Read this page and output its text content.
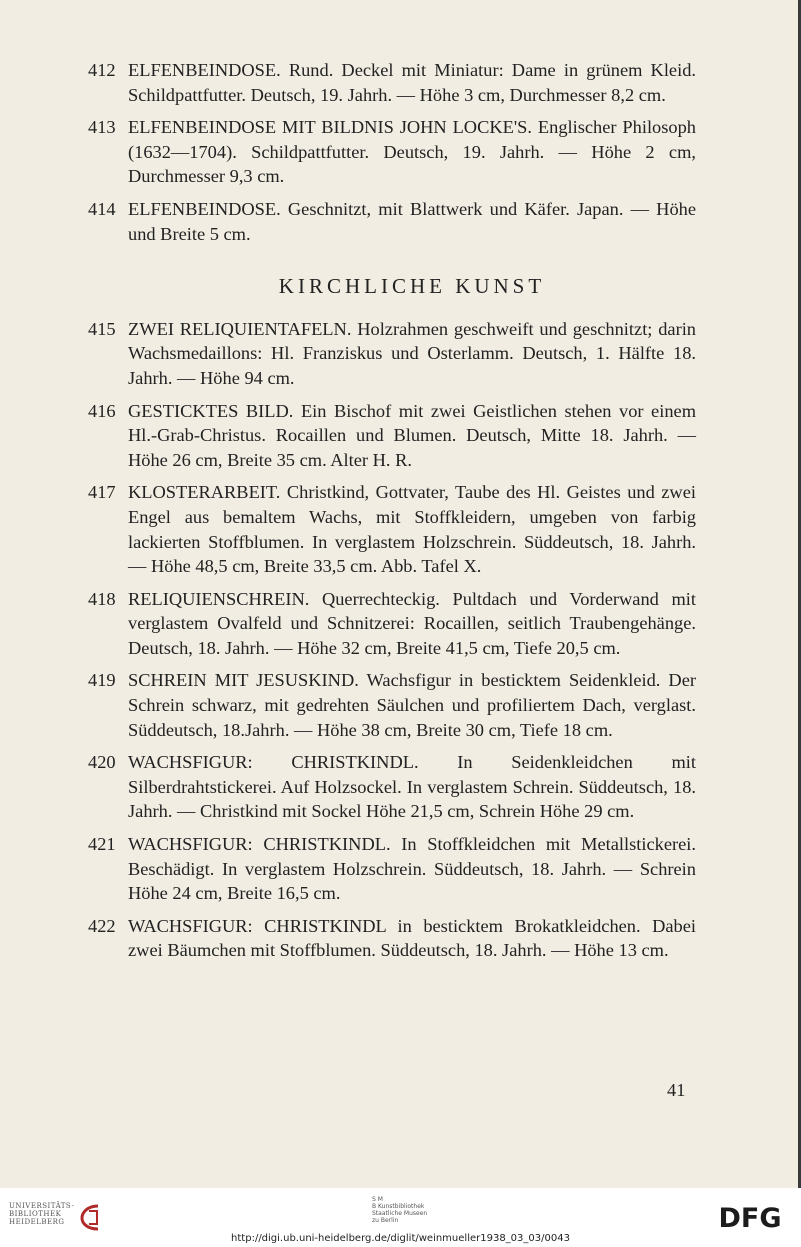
412 ELFENBEINDOSE. Rund. Deckel mit Miniatur: Dame in grünem Kleid. Schildpattfutter. Deutsch, 19. Jahrh. — Höhe 3 cm, Durchmesser 8,2 cm.

413 ELFENBEINDOSE MIT BILDNIS JOHN LOCKE'S. Englischer Philosoph (1632—1704). Schildpattfutter. Deutsch, 19. Jahrh. — Höhe 2 cm, Durchmesser 9,3 cm.

414 ELFENBEINDOSE. Geschnitzt, mit Blattwerk und Käfer. Japan. — Höhe und Breite 5 cm.

KIRCHLICHE KUNST
415 ZWEI RELIQUIENTAFELN. Holzrahmen geschweift und geschnitzt; darin Wachsmedaillons: Hl. Franziskus und Osterlamm. Deutsch, 1. Hälfte 18. Jahrh. — Höhe 94 cm.

416 GESTICKTES BILD. Ein Bischof mit zwei Geistlichen stehen vor einem Hl.-Grab-Christus. Rocaillen und Blumen. Deutsch, Mitte 18. Jahrh. — Höhe 26 cm, Breite 35 cm. Alter H. R.

417 KLOSTERARBEIT. Christkind, Gottvater, Taube des Hl. Geistes und zwei Engel aus bemaltem Wachs, mit Stoffkleidern, umgeben von farbig lackierten Stoffblumen. In verglastem Holzschrein. Süddeutsch, 18. Jahrh. — Höhe 48,5 cm, Breite 33,5 cm. Abb. Tafel X.

418 RELIQUIENSCHREIN. Querrechteckig. Pultdach und Vorderwand mit verglastem Ovalfeld und Schnitzerei: Rocaillen, seitlich Traubengehänge. Deutsch, 18. Jahrh. — Höhe 32 cm, Breite 41,5 cm, Tiefe 20,5 cm.

419 SCHREIN MIT JESUSKIND. Wachsfigur in besticktem Seidenkleid. Der Schrein schwarz, mit gedrehten Säulchen und profiliertem Dach, verglast. Süddeutsch, 18.Jahrh. — Höhe 38 cm, Breite 30 cm, Tiefe 18 cm.

420 WACHSFIGUR: CHRISTKINDL. In Seidenkleidchen mit Silberdrahtstickerei. Auf Holzsockel. In verglastem Schrein. Süddeutsch, 18. Jahrh. — Christkind mit Sockel Höhe 21,5 cm, Schrein Höhe 29 cm.

421 WACHSFIGUR: CHRISTKINDL. In Stoffkleidchen mit Metallstickerei. Beschädigt. In verglastem Holzschrein. Süddeutsch, 18. Jahrh. — Schrein Höhe 24 cm, Breite 16,5 cm.

422 WACHSFIGUR: CHRISTKINDL in besticktem Brokatkleidchen. Dabei zwei Bäumchen mit Stoffblumen. Süddeutsch, 18. Jahrh. — Höhe 13 cm.

41
UNIVERSITÄTS-
BIBLIOTHEK
HEIDELBERG
S M
B Kunstbibliothek
Staatliche Museen
zu Berlin	DFG
http://digi.ub.uni-heidelberg.de/diglit/weinmueller1938_03_03/0043
